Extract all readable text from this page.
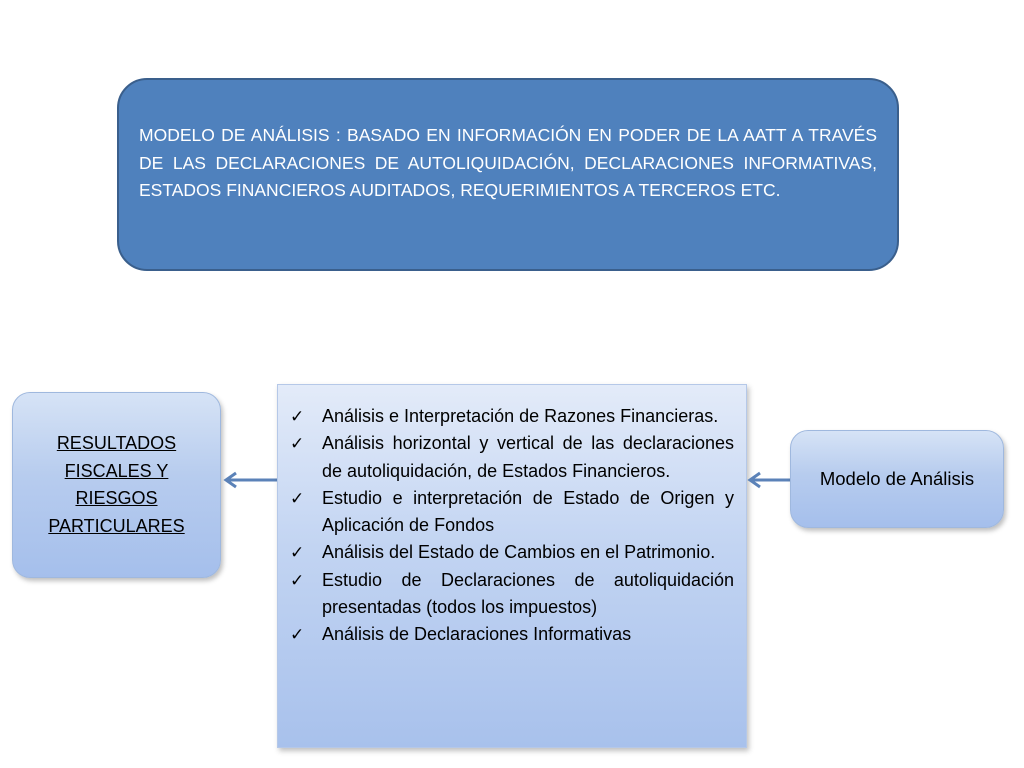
MODELO DE ANÁLISIS : BASADO EN INFORMACIÓN EN PODER DE LA AATT A TRAVÉS DE LAS DECLARACIONES DE AUTOLIQUIDACIÓN, DECLARACIONES INFORMATIVAS, ESTADOS FINANCIEROS AUDITADOS, REQUERIMIENTOS A TERCEROS ETC.
RESULTADOS FISCALES Y RIESGOS PARTICULARES
✓ Análisis e Interpretación de Razones Financieras.
✓ Análisis horizontal y vertical de las declaraciones de autoliquidación, de Estados Financieros.
✓ Estudio e interpretación de Estado de Origen y Aplicación de Fondos
✓ Análisis del Estado de Cambios en el Patrimonio.
✓ Estudio de Declaraciones de autoliquidación presentadas (todos los impuestos)
✓ Análisis de Declaraciones Informativas
Modelo de Análisis
